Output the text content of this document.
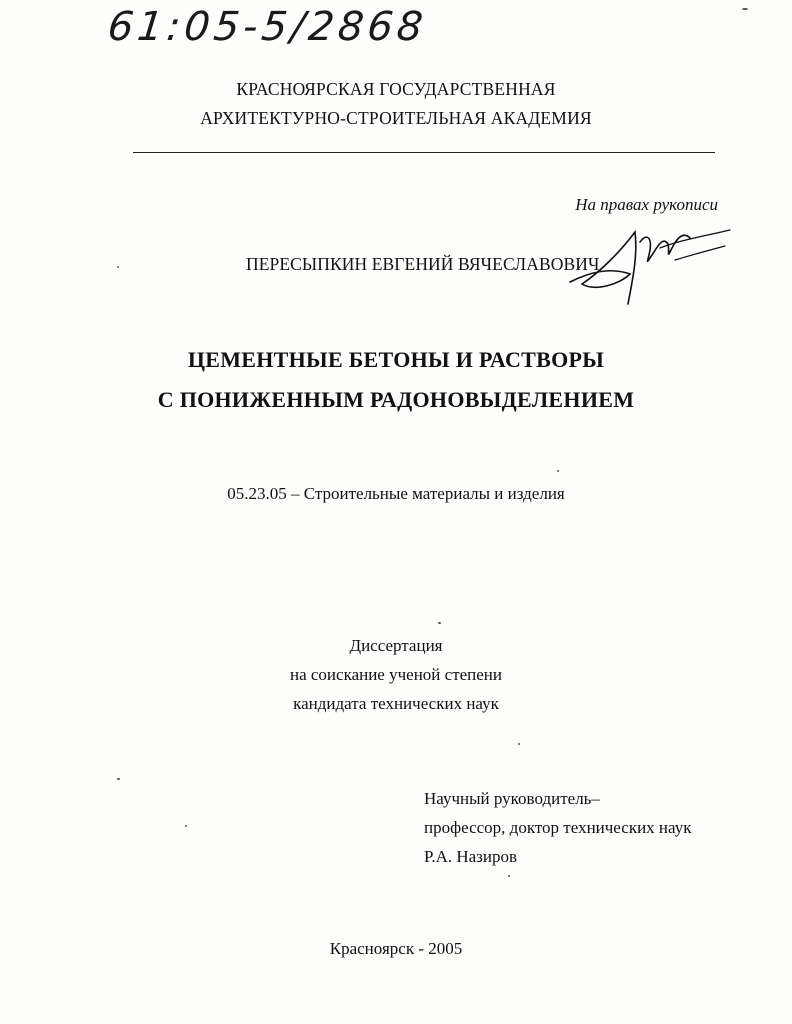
61:05-5/2868
КРАСНОЯРСКАЯ ГОСУДАРСТВЕННАЯ
АРХИТЕКТУРНО-СТРОИТЕЛЬНАЯ АКАДЕМИЯ
На правах рукописи
ПЕРЕСЫПКИН ЕВГЕНИЙ ВЯЧЕСЛАВОВИЧ
ЦЕМЕНТНЫЕ БЕТОНЫ И РАСТВОРЫ
С ПОНИЖЕННЫМ РАДОНОВЫДЕЛЕНИЕМ
05.23.05 – Строительные материалы и изделия
Диссертация
на соискание ученой степени
кандидата технических наук
Научный руководитель–
профессор, доктор технических наук
Р.А. Назиров
Красноярск - 2005
